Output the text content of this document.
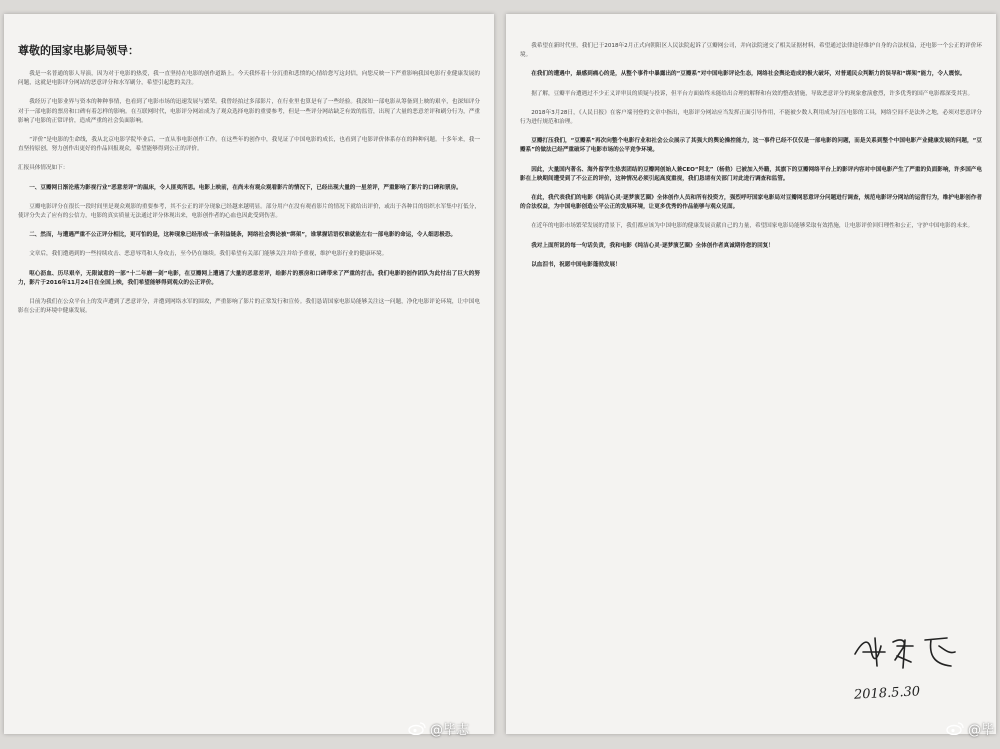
尊敬的国家电影局领导：

我是一名普通的影人导演，因为对于电影的热爱，我一直坚持在电影的创作道路上。今天我怀着十分沉重和悲愤的心情给您写这封信，向您反映一下严重影响我国电影行业健康发展的问题，这就是电影评分网站的恶意评分和水军刷分，希望引起您的关注。

我经历了电影业界与资本的种种事情，也看到了电影市场的迅速发展与繁荣。我曾经拍过多部影片，在行业里也算是有了一些经验。我深知一部电影从筹备到上映的艰辛，也深知评分对于一部电影的票房和口碑有着怎样的影响。在互联网时代，电影评分网站成为了观众选择电影的重要参考，但是一些评分网站缺乏有效的监管，出现了大量的恶意差评和刷分行为，严重影响了电影的正常评价，造成严重的社会负面影响。

“评价”是电影的生命线，我从北京电影学院毕业后，一直从事电影创作工作。在这些年的创作中，我见证了中国电影的成长，也看到了电影评价体系存在的种种问题。十多年来，我一直坚持原创，努力创作出更好的作品回报观众，希望能够得到公正的评价。

汇报具体情况如下：

一、豆瓣网日渐沦落为影视行业“恶意差评”的温床，令人匪夷所思。电影上映前，在尚未有观众观看影片的情况下，已经出现大量的一星差评，严重影响了影片的口碑和票房。

豆瓣电影评分在很长一段时间里是观众观影的重要参考，其不公正的评分现象已经越来越明显。部分用户在没有观看影片的情况下就给出评价，或出于各种目的组织水军集中打低分，使评分失去了应有的公信力，电影的真实质量无法通过评分体现出来，电影创作者的心血也因此受到伤害。

二、然而，与遭遇严重不公正评分相比，更可怕的是，这种现象已经形成一条利益链条，网络社会舆论被“绑架”，谁掌握话语权谁就能左右一部电影的命运，令人细思极恐。

文章后，我们遭遇到的一些持续攻击、恶意辱骂和人身攻击，至今仍在继续。我们希望有关部门能够关注并给予重视，维护电影行业的健康环境。

呕心沥血、历尽艰辛，无限诚意的一部“十二年磨一剑”电影，在豆瓣网上遭遇了大量的恶意差评，给影片的票房和口碑带来了严重的打击。我们电影的创作团队为此付出了巨大的努力，影片于2016年11月24日在全国上映，我们希望能够得到观众的公正评价。

目前为我们在公众平台上的发声遭到了恶意评分，并遭到网络水军的围攻，严重影响了影片的正常发行和宣传。我们恳请国家电影局能够关注这一问题，净化电影评论环境，让中国电影在公正的环境中健康发展。

我希望在新时代里，我们已于2018年2月正式向朝阳区人民法院起诉了豆瓣网公司，并向法院递交了相关证据材料，希望通过法律途径维护自身的合法权益，还电影一个公正的评价环境。

在我们的遭遇中，最感到痛心的是，从整个事件中暴露出的“豆瓣系”对中国电影评论生态，网络社会舆论造成的极大破坏，对普通民众判断力的误导和“绑架”能力，令人震惊。

据了解，豆瓣平台遭遇过不少正义评审员的质疑与投诉，但平台方面始终未能给出合理的解释和有效的整改措施，导致恶意评分的现象愈演愈烈，许多优秀的国产电影都深受其害。

2018年3月28日，《人民日报》在客户端刊登的文章中指出，电影评分网站应当发挥正面引导作用，不能被少数人利用成为打压电影的工具，网络空间不是法外之地，必须对恶意评分行为进行规范和治理。

豆瓣打压我们，“豆瓣系”再次向整个电影行业和社会公众展示了其强大的舆论操控能力，这一事件已经不仅仅是一部电影的问题，而是关系到整个中国电影产业健康发展的问题，“豆瓣系”的做法已经严重破坏了电影市场的公平竞争环境。

因此，大量国内著名、海外留学生热衷团结的豆瓣网创始人兼CEO“阿北”（杨勃）已被加入外籍，其旗下的豆瓣网络平台上的影评内容对中国电影产生了严重的负面影响，许多国产电影在上映期间遭受到了不公正的评价，这种情况必须引起高度重视，我们恳请有关部门对此进行调查和监管。

在此，我代表我们的电影《纯洁心灵·逐梦演艺圈》全体创作人员和所有投资方，强烈呼吁国家电影局对豆瓣网恶意评分问题进行调查，规范电影评分网站的运营行为，维护电影创作者的合法权益，为中国电影创造公平公正的发展环境，让更多优秀的作品能够与观众见面。

在近年的电影市场繁荣发展的背景下，我们都应该为中国电影的健康发展贡献自己的力量，希望国家电影局能够采取有效措施，让电影评价回归理性和公正，守护中国电影的未来。

我对上面所说的每一句话负责，我和电影《纯洁心灵·逐梦演艺圈》全体创作者真诚期待您的回复！

以血泪书，祝愿中国电影蓬勃发展！

2018.5.30
@毕志	@毕
